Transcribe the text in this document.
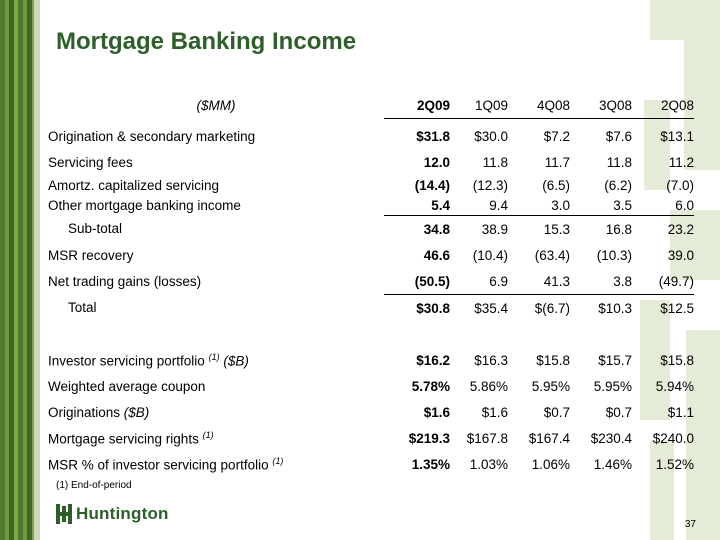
Mortgage Banking Income
($MM)	2Q09	1Q09	4Q08	3Q08	2Q08

Origination & secondary marketing	$31.8	$30.0	$7.2	$7.6	$13.1
Servicing fees	12.0	11.8	11.7	11.8	11.2
Amortz. capitalized servicing	(14.4)	(12.3)	(6.5)	(6.2)	(7.0)
Other mortgage banking income	5.4	9.4	3.0	3.5	6.0
Sub-total	34.8	38.9	15.3	16.8	23.2
MSR recovery	46.6	(10.4)	(63.4)	(10.3)	39.0
Net trading gains (losses)	(50.5)	6.9	41.3	3.8	(49.7)
Total	$30.8	$35.4	$(6.7)	$10.3	$12.5

Investor servicing portfolio $^{(1)}$ ($B)	$16.2	$16.3	$15.8	$15.7	$15.8
Weighted average coupon	5.78%	5.86%	5.95%	5.95%	5.94%
Originations ($B)	$1.6	$1.6	$0.7	$0.7	$1.1
Mortgage servicing rights $^{(1)}$	$219.3	$167.8	$167.4	$230.4	$240.0
MSR % of investor servicing portfolio $^{(1)}$	1.35%	1.03%	1.06%	1.46%	1.52%
(1) End-of-period
Huntington
37
